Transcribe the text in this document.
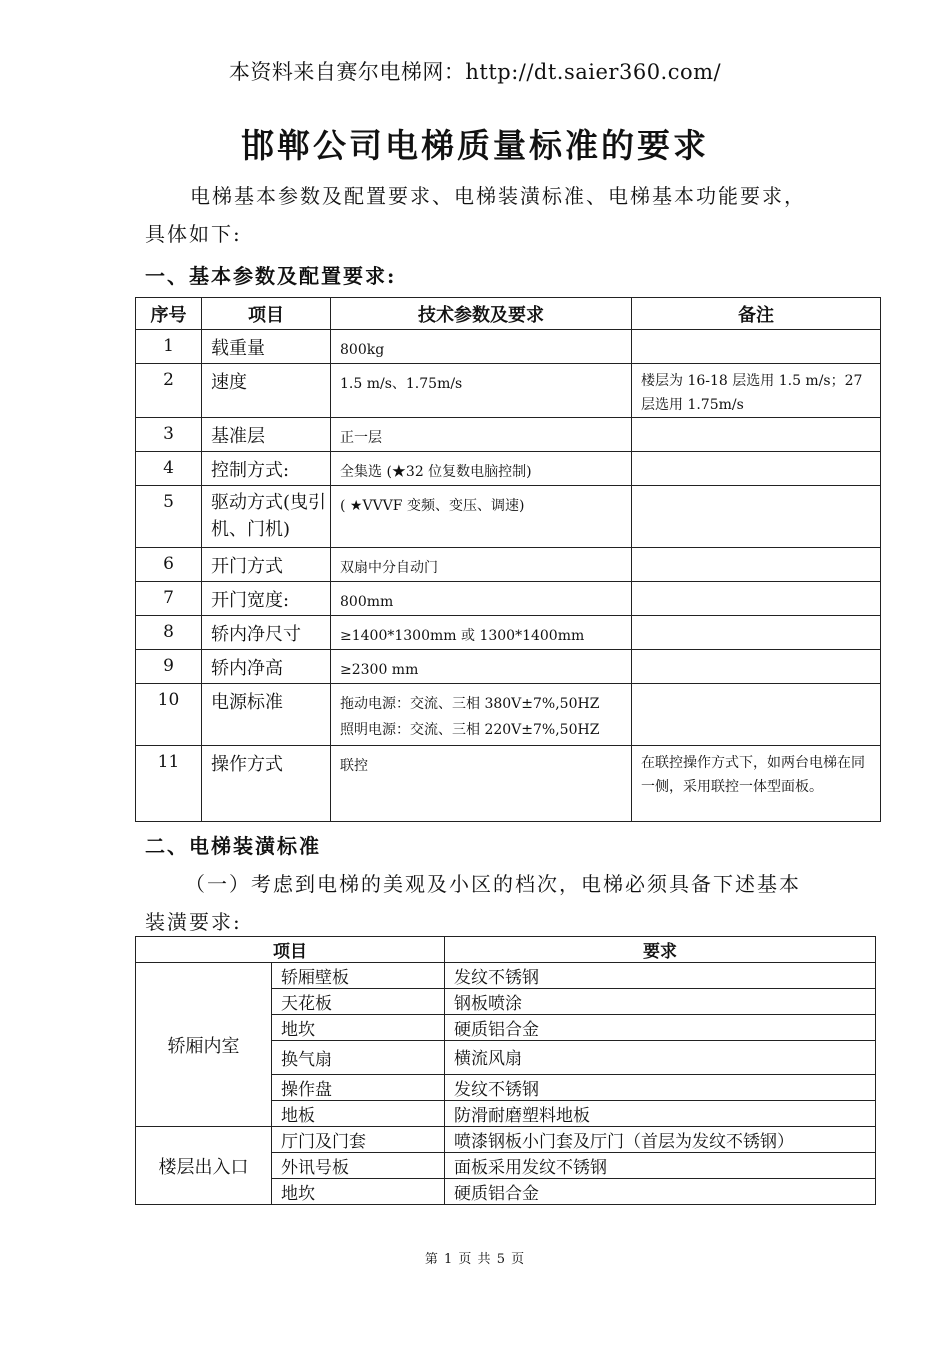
本资料来自赛尔电梯网：http://dt.saier360.com/
邯郸公司电梯质量标准的要求
电梯基本参数及配置要求、电梯装潢标准、电梯基本功能要求，
具体如下:
一、基本参数及配置要求:
序号	项目	技术参数及要求	备注
1	载重量	800kg	
2	速度	1.5 m/s、1.75m/s	楼层为 16-18 层选用 1.5 m/s；27 层选用 1.75m/s
3	基准层	正一层	
4	控制方式:	全集选 (★32 位复数电脑控制)	
5	驱动方式(曳引机、门机)	( ★VVVF 变频、变压、调速)	
6	开门方式	双扇中分自动门	
7	开门宽度:	800mm	
8	轿内净尺寸	≥1400*1300mm 或 1300*1400mm	
9	轿内净高	≥2300 mm	
10	电源标准	拖动电源：交流、三相 380V±7%,50HZ
照明电源：交流、三相 220V±7%,50HZ	

11	操作方式	联控	在联控操作方式下，如两台电梯在同一侧，采用联控一体型面板。
二、电梯装潢标准
（一）考虑到电梯的美观及小区的档次，电梯必须具备下述基本
装潢要求:
项目		要求
轿厢内室	轿厢壁板	发纹不锈钢
	天花板	钢板喷涂
	地坎	硬质铝合金
	换气扇	横流风扇
	操作盘	发纹不锈钢
	地板	防滑耐磨塑料地板
楼层出入口	厅门及门套	喷漆钢板小门套及厅门（首层为发纹不锈钢）
	外讯号板	面板采用发纹不锈钢
	地坎	硬质铝合金
第 1 页 共 5 页
